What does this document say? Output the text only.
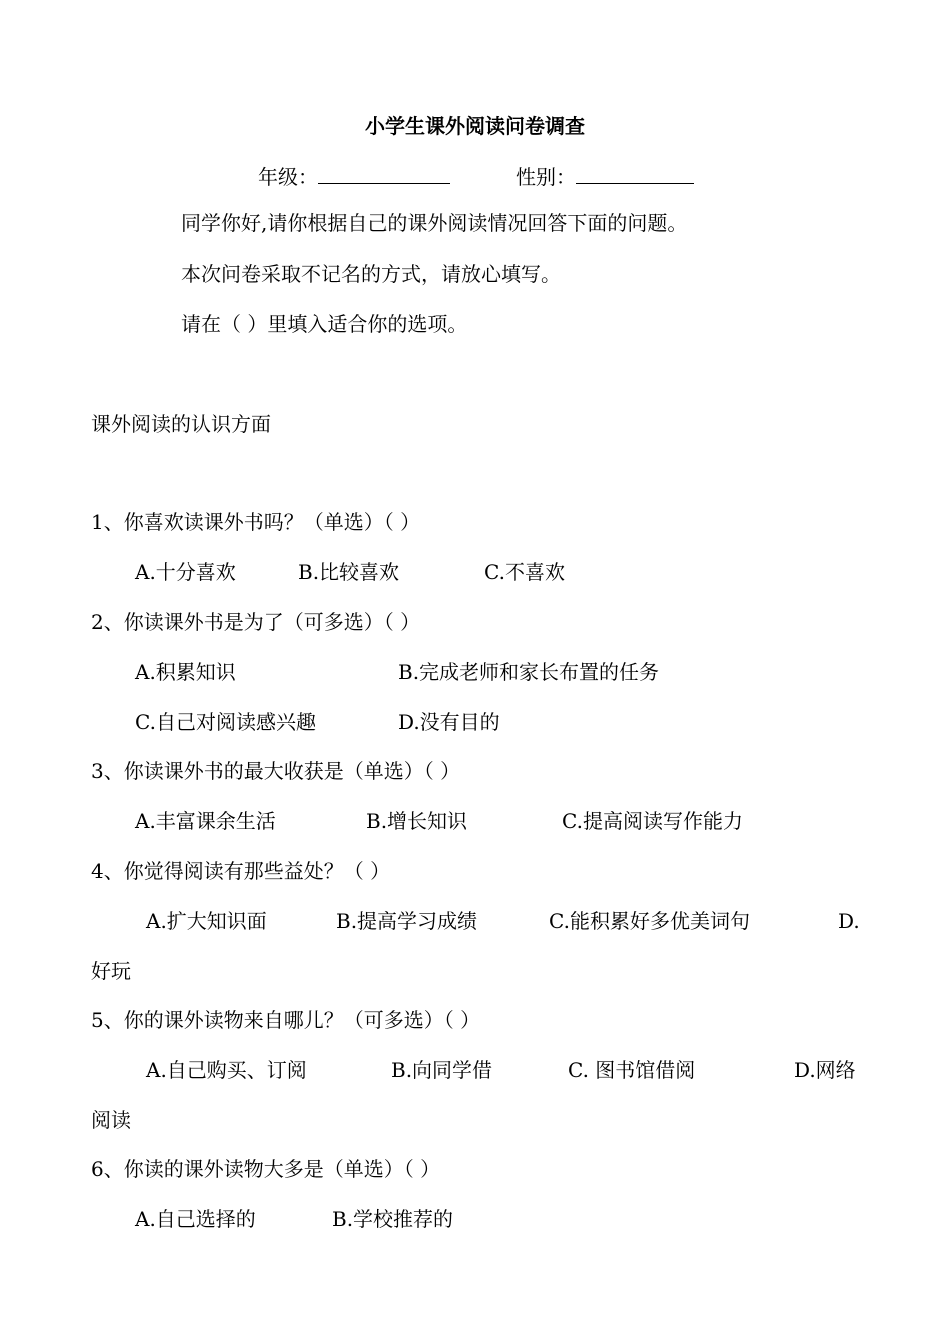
小学生课外阅读问卷调查
年级：	性别：
同学你好,请你根据自己的课外阅读情况回答下面的问题。
本次问卷采取不记名的方式，请放心填写。
请在（ ）里填入适合你的选项。
课外阅读的认识方面
1、你喜欢读课外书吗？（单选）（ ）
A.十分喜欢	B.比较喜欢	C.不喜欢
2、你读课外书是为了（可多选）（ ）
A.积累知识	B.完成老师和家长布置的任务
C.自己对阅读感兴趣	D.没有目的
3、你读课外书的最大收获是（单选）（ ）
A.丰富课余生活	B.增长知识	C.提高阅读写作能力
4、你觉得阅读有那些益处？（ ）
A.扩大知识面	B.提高学习成绩	C.能积累好多优美词句	D.
好玩
5、你的课外读物来自哪儿？（可多选）（ ）
A.自己购买、订阅	B.向同学借	C. 图书馆借阅	D.网络
阅读
6、你读的课外读物大多是（单选）（ ）
A.自己选择的	B.学校推荐的
